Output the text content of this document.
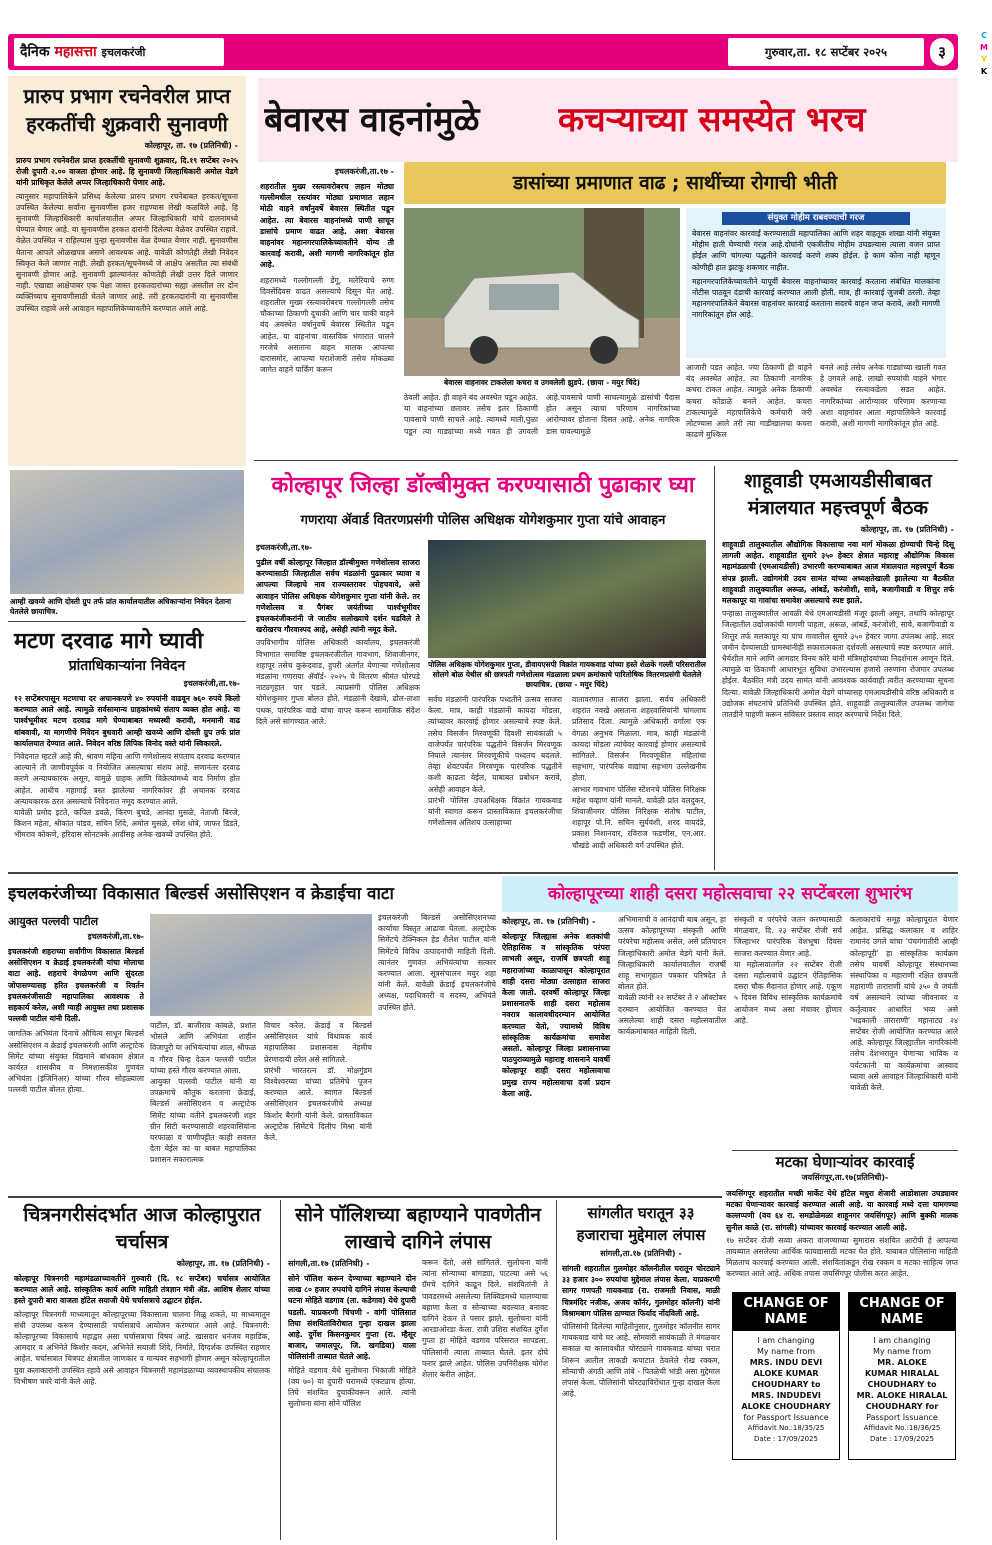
दैनिक महासत्ता इचलकरंजी	गुरुवार,ता. १८ सप्टेंबर २०२५	३
C
M
Y
K
प्रारुप प्रभाग रचनेवरील प्राप्त हरकतींची शुक्रवारी सुनावणी
कोल्हापूर, ता. १७ (प्रतिनिधी) -
प्रारुप प्रभाग रचनेवरील प्राप्त हरकतींची सुनावणी शुक्रवार, दि.१९ सप्टेंबर २०२५ रोजी दुपारी २.०० वाजता होणार आहे. हि सुनावणी जिल्हाधिकारी अमोल येडगे यांनी प्राधिकृत केलेले अप्पर जिल्हाधिकारी घेणार आहे.
त्यानुसार महापालिकेने प्रसिध्द केलेल्या प्रारुप प्रभाग रचनेबाबत हरकत/सूचना उपस्थित केलेल्या सर्वांना सुनावणीस हजर राहण्यास लेखी कळविले आहे. हि सुनावणी जिल्हाधिकारी कार्यालयातील अप्पर जिल्हाधिकारी यांचे दालनामध्ये घेण्यात येणार आहे. या सुनावणीस हरकत दारांनी दिलेल्या वेळेवर उपस्थित राहावे. वेळेत उपस्थित न राहिल्यास पुन्हा सुनावणीस वेळ देण्यात येणार नाही. सुनावणीस येताना आपले ओळखपत्र असणे आवश्यक आहे. यावेळी कोणतेही लेखी निवेदन स्विकृत केले जाणार नाही. लेखी हरकत/सूचनेमध्ये जे आक्षेप असतील त्या संबंधी सुनावणी होणार आहे. सुनावणी झाल्यानंतर कोणतेही लेखी उत्तर दिले जाणार नाही. एखाद्या आक्षेपाबर एक पेक्षा जास्त हरकतदारांच्या सह्या असतील तर दोन व्यक्तिंच्याच सुनावणीसाठी घेतले जाणार आहे. तरी हरकतदारांनी या सुनावणीस उपस्थित राहावे असे आवाहन महापालिकेच्यावतीने करण्यात आले आहे.
आम्ही खवय्ये आणि दोस्ती ग्रुप तर्फ प्रांत कार्यालयातील अधिकाऱ्यांना निवेदन देताना घेतलेले छायाचित्र.
मटण दरवाढ मागे घ्यावी
प्रांताधिकाऱ्यांना निवेदन
इचलकरंजी,ता.१७-
१२ सप्टेंबरपासून मटणाचा दर अचानकपणे ४० रुपयांनी वाढवून ७६० रुपये किलो करण्यात आले आहे. त्यामुळे सर्वसामान्य ग्राहकांमध्ये संताप व्यक्त होत आहे. या पार्श्वभूमीवर मटण दरवाढ मागे घेण्याबाबत मध्यस्थी करावी, मनमानी वाढ थांबवावी, या मागणीचे निवेदन बुधवारी आम्ही खवय्ये आणि दोस्ती ग्रुप तर्फ प्रांत कार्यालयात देण्यात आले. निवेदन वरिष्ठ लिपिक विनोद वस्ते यांनी स्विकारले.
निवेदनात म्हटले आहे की, श्रावण महिना आणि गणेशोत्सव संपताच दरवाढ करण्यात आल्याने ती जाणीवपूर्वक व नियोजित असल्याचा संशय आहे. सणानंतर दरवाढ करणे अन्यायकारक असून, यामुळे ग्राहक आणि विक्रेत्यांमध्ये वाद निर्माण होत आहेत. आधीच महागाई त्रस्त झालेल्या नागरिकांवर ही अचानक दरवाढ अन्यायकारक ठरत असल्याचे निवेदनात नमूद करण्यात आले.
यावेळी प्रमोद इटते, कपिल डवळे, किरण बुचडे, आनंदा मुसळे, नेताजी बिरजे, किशन महेता, श्रीकांत पांडव, सचिन शिंदे, अमोल मुसळे, रमेश धोत्रे, जाफर डिडते, भीमराव कोकणे, हरिदास सोनटक्के आदींसह अनेक खवय्ये उपस्थित होते.
बेवारस वाहनांमुळे	कचऱ्याच्या समस्येत भरच
डासांच्या प्रमाणात वाढ ; साथींच्या रोगाची भीती
इचलकरंजी,ता.१७ -
शहरातील मुख्य रस्त्यावरोबरच लहान मोठ्या गल्लीमधील रस्त्यांवर मोठ्या प्रमाणात लहान मोठी वाहने वर्षांनुवर्षे बेवारस स्थितीत पडून आहेत. त्या बेवारस वाहनांमध्ये पाणी साचून डासांचे प्रमाण वाढत आहे. अशा बेवारस वाहनांवर महानगरपालिकेच्यावतीने योग्य ती कारवाई करावी, अशी मागणी नागरिकांतून होत आहे.
शहरामध्ये गल्लोगल्ली डेंगू, मलेरियाचे रुग्ण दिवसेंदिवस वाढत असल्याचे दिसून येत आहे. शहरातील मुख्य रस्त्यावरोबरच गल्लोगल्ली तसेच चौकाच्या ठिकाणी दुचाकी आणि चार चाकी वाहने बंद अवस्थेत वर्षानुवर्षे बेवारस स्थितीत पडून आहेत. या वाहनांचा वास्तविक भंगारात घालने गरजेचे असताना वाहन मालक आपल्या दारासमोर, आपल्या घराशेजारी तसेच मोकळ्या जागेत वाहने पार्किंग करून
बेवारस वाहनावर टाकलेला कचरा व उगवलेली झुडपे. (छाया - मयुर चिंदे)
ठेवली आहेत. ही वाहने बंद अवस्थेत पडून आहेत. या वाहनांच्या छतावर तसेच इतर ठिकाणी पावसाचे पाणी साचले आहे. त्यामध्ये माती,घुळा पडून त्या गाड्यांच्या मध्ये गवत ही उगवली आहे.पावसाचे पाणी साचल्यामुळे डासांची पैदास होत असून त्याचा परिणाम नागरिकांच्या आरोग्यावर होताना दिसत आहे. अनेक नागरिक डास चावल्यामुळे
संयुक्त मोहीम राबवण्याची गरज
बेवारस वाहनांवर कारवाई करण्यासाठी महापालिका आणि शहर वाहतूक शाखा यांनी संयुक्त मोहीम हाती घेण्याची गरज आहे.दोघांनी एकत्रीतीच मोहीम उघडल्यास त्याला वजन प्राप्त होईल आणि चांगल्या पद्धतीने कारवाई करणे शक्य होईल. हे काम कोना नाही म्हणून कोणीही हात झटकू शकणार नाहीत.
महानगरपालिकेच्यावतीने यापूर्वी बेवारस वाहनांच्यावर कारवाई करताना संबंधित मालकांना नोटीस पाठवून दंडाची कारवाई करण्यात आली होती. मात्र, ही कारवाई जुजबी ठरली. तेव्हा महानगरपालिकेने बेवारस वाहनांवर कारवाई करताना सदरचे वाहन जप्त करावे, अशी मागणी नागरिकांतून होत आहे.
आजारी पडत आहेत. ज्या ठिकाणी ही वाहने बंद अवस्थेत आहेत. त्या ठिकाणी नागरिक कचरा टाकत आहेत. त्यामुळे अनेक ठिकाणी कचरा कोंडाळे बनले आहेत. कचरा टाकल्यामुळे महापालिकेचे कर्मचारी जरी लोटण्यास आले तरी त्या गाडीखालचा कचरा काढणे मुश्किल
बनले आहे तसेच अनेक गाड्यांच्या खाली गवत हे उगवले आहे. लाखो रुपयांची वाहने भंगार अवस्थेत रस्त्याकडेला सडत आहेत. नागरिकांच्या आरोग्यावर परिणाम करणाऱ्या अशा वाहनांवर आता महापालिकेने कारवाई करावी, अशी मागणी नागरिकांतून होत आहे.
कोल्हापूर जिल्हा डॉल्बीमुक्त करण्यासाठी पुढाकार घ्या
गणराया ॲवार्ड वितरणप्रसंगी पोलिस अधिक्षक योगेशकुमार गुप्ता यांचे आवाहन
इचलकरंजी,ता.१७-
पुढील वर्षी कोल्हापूर जिल्हात डॉल्बीमुक्त गणेशोत्सव साजरा करण्यासाठी जिल्हातील सर्वच मंडळांनी पुढाकार घ्यावा व आपल्या जिल्हाचे नाव राज्यस्तरावर पोहचवावे, असे आवाहन पोलिस अधिक्षक योगेशकुमार गुप्ता यांनी केले. तर गणेशोत्सव व पैगंबर जयंतीच्या पार्श्वभूमीवर इचलकरंजीकरांनी जे जातीय सलोख्याचे दर्शन घडविले ते खरोखरच गौरवास्पद आहे, असेही त्यांनी नमूद केले.
उपविभागीय पोलिस अधिकारी कार्यालय, इचलकरंजी विभागात समाविष्ट इचलकरंजीतील गावभाग, शिवाजीनगर, शहापूर तसेच कुरूंदवाड, हुपरी अंतर्गत येणाऱ्या गणेशोत्सव मंडळांना गणराया ॲवॉर्ड- २०२५ चे वितरण श्रीमंत घोरपडे नाट्यगृहात पार पडले. त्याप्रसंगी पोलिस अधिक्षक योगेशकुमार गुप्ता बोलत होते. मंडळांनी देखावे, ढोल-ताशा पथक, पारंपरिक वाद्ये यांचा वापर करून सामाजिक संदेश दिले असे सांगण्यात आले.
पोलिस अधिक्षक योगेशकुमार गुप्ता, डीवायएसपी विक्रांत गायकवाड यांच्या हस्ते शेळके गल्ली परिसरातील सोलगे बोळ येथील श्री छत्रपती गणेशोत्सव मंडळाला प्रथम क्रमांकाचे पारितोषिक वितरणप्रसंगी घेतलेले छायाचित्र. (छाया - मयुर चिंदे)
सर्वच मंडळांनी पारंपरिक पध्दतीने उत्सव साजरा केला. मात्र, काही मंडळांनी कायदा मोडला, त्यांच्यावर कारवाई होणार असल्याचे स्पष्ट केले. तसेच विसर्जन मिरवणूकी दिवशी सायंकाळी ५ वाजेपर्यंत पारंपरिक पद्धतीने विसर्जन मिरवणूक निघाले त्यानंतर मिरवणूकीचे पध्दतच बदलले. तेव्हा शेवटपर्यंत मिरवणूक पारंपरिक पद्धतीने कशी काढता येईल, याबाबत प्रबोधन करावे, असेही आवाहन केले.
प्रारंभी पोलिस उपअधिक्षक विक्रांत गायकवाड यांनी स्वागत करून प्रास्ताविकात इचलकरंजीचा गणेशोत्सव अतिशय उत्साहाच्या
वातावरणात साजरा झाला. सर्वच अधिकारी शहरात नवखे असताना शहरवासियांनी चांगलाच प्रतिसाद दिला. त्यामुळे अधिकारी वर्गाला एक वेगळा अनुभव मिळाला. मात्र, काही मंडळांनी कायदा मोडला त्यांचेवर कारवाई होणार असल्याचे सांगितले. विसर्जन मिरवणूकीत महिलांचा सहभाग, पारंपरिक वाद्यांचा सहभाग उल्लेखनीय होता.
आभार गावभाग पोलिस स्टेशनचे पोलिस निरिक्षक महेश चव्हाण यांनी मानले. यावेळी प्रांत वलदुकर, शिवाजीनगर पोलिस निरिक्षक संतोष पाटील, शहापूर पो.नि. सचिन सुर्यवंशी, शरद वायदंडे, प्रकाश निशानदार, रविराज फडणीस, एन.आर. चौखंडे आदी अधिकारी वर्ग उपस्थित होते.
शाहूवाडी एमआयडीसीबाबत मंत्रालयात महत्त्वपूर्ण बैठक
कोल्हापूर, ता. १७ (प्रतिनिधी) -
शाहूवाडी तालुक्यातील औद्योगिक विकासाचा नवा मार्ग मोकळा होण्याची चिन्हे दिसू लागली आहेत. शाहूवाडीत सुमारे ३५० हेक्टर क्षेत्रात महाराष्ट्र औद्योगिक विकास महामंडळाची (एमआयडीसी) उभारणी करण्याबाबत आज मंत्रालयात महत्त्वपूर्ण बैठक संपन्न झाली. उद्योगमंत्री उदय सामंत यांच्या अध्यक्षतेखाली झालेल्या या बैठकीत शाहूवाडी तालुक्यातील अरूळ, आंबर्डे, करंजोशी, सावे, बजागीवाडी व शित्तुर तर्फ मलकापूर या गावांचा समावेश असल्याचे स्पष्ट झाले.
पन्हाळा तालुक्यातील आवळी येथे एमआयडीसी मंजूर झाली असून, तथापि कोल्हापूर जिल्हातील उद्योजकांची मागणी पाहता, अरूळ, आंबर्डे, करंजोशी, सावे, बजागीवाडी व शित्तुर तर्फ मलकापूर या पाच गावातील सुमारे ३५० हेक्टर जागा उपलब्ध आहे. सदर जमीन देण्यासाठी ग्रामस्थांनीही सकारात्मकता दर्शवली असल्याचे स्पष्ट करण्यात आले. धैर्यशील माने आणि आमदार विनय कोरे यांनी मंत्रिमहोदयांच्या निदर्शनास आणून दिले. त्यामुळे या ठिकाणी आधारभूत सुविधा उभारल्यास हजारो तरुणांना रोजगार उपलब्ध होईल. बैठकीत मंत्री उदय सामंत यांनी आवश्यक कार्यवाही त्वरीत करण्याच्या सूचना दिल्या. यावेळी जिल्हाधिकारी अमोल येडगे यांच्यासह एमआयडीसीचे वरिष्ठ अधिकारी व उद्योजक संघटनांचे प्रतिनिधी उपस्थित होते. शाहूवाडी तालुक्यातील उपलब्ध जागेचा तातडीने पाहणी करून सविस्तर प्रस्ताव सादर करण्याचे निर्देश दिले.
इचलकरंजीच्या विकासात बिल्डर्स असोसिएशन व क्रेडाईचा वाटा
आयुक्त पल्लवी पाटील
इचलकरंजी,ता.१७-
इचलकरंजी शहराच्या सर्वांगीण विकासात बिल्डर्स असोसिएशन व क्रेडाई इचलकरंजी यांचा मोलाचा वाटा आहे. शहराचे वेगळेपण आणि सुंदरता जोपासण्यासह हरित इचलकरंजी व रिवर्तन इचलकरंजीसाठी महापालिका आवश्यक ते सहकार्य करेल, अशी ग्वाही आयुक्त तथा प्रशासक पल्लवी पाटील यांनी दिली.
जागतिक अभियंता दिनाचे औचित्य साधून बिल्डर्स असोसिएशन व क्रेडाई इचलकरंजी आणि अल्ट्राटेक सिमेंट यांच्या संयुक्त विद्यमाने बांधकाम क्षेत्रात कार्यरत शासकीय व निमशासकीय गुणवंत अभियंता (इंजिनिअर) यांच्या गौरव सोहळ्याला पल्लवी पाटील बोलत होत्या.
पाटील, डॉ. बाजीराव कांबळे, प्रशांत भोसले आणि अभियंता शाहीन विजापुरी या अभियंत्यांचा शाल, श्रीफळ व गौरव चिन्ह देऊन पल्लवी पाटील यांच्या हस्ते गौरव करण्यात आला.
आयुक्त पल्लवी पाटील यांनी या उपक्रमाचे कौतुक करताना क्रेडाई, बिल्डर्स असोसिएशन व अल्ट्राटेक सिमेंट यांच्या वतीने इचलकरंजी शहर ग्रीन सिटी करण्यासाठी शहरवासियांना घरफाळा व पाणीपट्टीत काही सवलत देता येईल का या बाबत महापालिका प्रशासन सकारात्मक
विचार करेल. क्रेडाई व बिल्डर्स असोसिएशन यांचे विधायक कार्य महापालिका प्रशासनास नेहमीच प्रेरणादायी ठरेल असे सांगितले.
प्रारंभी भारतरत्न डॉ. मोक्षगुंडम विश्वेश्वरय्या यांच्या प्रतिमेचे पूजन करण्यात आले. स्वागत बिल्डर्स असोसिएशन इचलकरंजीचे अध्यक्ष किशोर बैरागी यांनी केले. प्रास्ताविकात अल्ट्राटेक सिमेंटचे दिलीप मिश्रा यांनी केले.
इचलकरंजी बिल्डर्स असोसिएशनच्या कार्याचा विस्तृत आढावा घेतला. अल्ट्राटेक सिमेंटचे टेक्निकल हेड शैलेश पाटील यांनी सिमेंटचे विविध उत्पादनांची माहिती दिली. त्यानंतर गुणवंत अभियंत्यांचा सत्कार करण्यात आला. सूत्रसंचालन मयुर शहा यांनी केले. यावेळी क्रेडाई इचलकरंजीचे अध्यक्ष, पदाधिकारी व सदस्य, अभियंते उपस्थित होते.
कोल्हापूरच्या शाही दसरा महोत्सवाचा २२ सप्टेंबरला शुभारंभ
कोल्हापूर, ता. १७ (प्रतिनिधी) -
कोल्हापूर जिल्ह्यास अनेक शतकांची ऐतिहासिक व सांस्कृतिक परंपरा लाभली असून, राजर्षि छत्रपती शाहू महाराजांच्या काळापासून कोल्हापूरात शाही दसरा मोठ्या उत्साहात साजरा केला जातो. दरवर्षी कोल्हापूर जिल्हा प्रशासनातर्फे शाही दसरा महोत्सव नवरात्र कालावधीदरम्यान आयोजित करण्यात येतो, ज्यामध्ये विविध सांस्कृतिक कार्यक्रमांचा समावेश असतो. कोल्हापूर जिल्हा प्रशासनाच्या पाठपुराव्यामुळे महाराष्ट्र शासनाने यावर्षी कोल्हापूर शाही दसरा महोत्सवाचा प्रमुख राज्य महोत्सवाचा दर्जा प्रदान केला आहे.
अभिमानाची व आनंदाची बाब असून, हा उत्सव कोल्हापूरच्या संस्कृती आणि परंपरेचा महोत्सव असेल, असे प्रतिपादन जिल्हाधिकारी अमोल येडगे यांनी केले. जिल्हाधिकारी कार्यालयातील राजर्षी शाहू सभागृहात पत्रकार परिषदेत ते बोलत होते.
यावेळी त्यांनी २२ सप्टेंबर ते २ ऑक्टोबर दरम्यान आयोजित करण्यात येत असलेल्या शाही दसरा महोत्सवातील कार्यक्रमांबाबत माहिती दिली.
संस्कृती व परंपरेचे जतन करण्यासाठी मंगळवार, दि. २३ सप्टेंबर रोजी सर्व जिल्हाभर पारंपरिक वेशभूषा दिवस साजरा करण्यात येणार आहे.
या महोत्सवांतर्गत २२ सप्टेंबर रोजी दसरा महोत्सवाचे उद्घाटन ऐतिहासिक दसरा चौक मैदानात होणार आहे. एकूण ५ दिवस विविध सांस्कृतिक कार्यक्रमांचे आयोजन मध्य असा मंचावर होणार आहे.
कलाकारांचे समूह कोल्हापूरात येणार आहेत. प्रसिद्ध कलाकार व शाहिर रामानंद उगले यांचा 'पंचगंगातीरी आम्ही कोल्हापूरी' हा सांस्कृतिक कार्यक्रम तसेच यावर्षी कोल्हापूर संस्थानच्या संस्थापिका व महाराणी रक्षित छत्रपती महाराणी ताराराणी यांचे ३५० वे जयंती वर्ष असल्याने त्यांच्या जीवनावर व कर्तृत्वावर आधारित भव्य असे 'भद्रकाली ताराराणी' महानाट्य २४ सप्टेंबर रोजी आयोजित करण्यात आले आहे. कोल्हापूर जिल्ह्यातील नागरिकांनी तसेच देशभरातून येणाऱ्या भाविक व पर्यटकांनी या कार्यक्रमांचा आस्वाद घ्यावा असे आवाहन जिल्हाधिकारी यांनी यावेळी केले.
मटका घेणाऱ्यांवर कारवाई
जयसिंगपूर,ता.१७(प्रतिनिधी)-
जयसिंगपूर शहरातील मच्छी मार्केट येथे हॉटेल मधुरा शेजारी आडोशाला उघड्यावर मटका घेणाऱ्यावर कारवाई करण्यात आली आहे. या कारवाई मध्ये दत्ता यामगण्या कल्लप्पणी (वय ६४ रा. समडोळेमळा शाहूनगर जयसिंगपूर) आणि बुक्की मालक सुनील काळे (रा. सांगली) यांच्यावर कारवाई करण्यात आली आहे.
१७ सप्टेंबर रोजी सव्वा अकरा वाजण्याच्या सुमारास संशयित आरोपी हे आपल्या तायब्यात असलेल्या आर्थिक फायद्यासाठी मटका घेत होते. याबाबत पोलिसांना माहिती मिळताच कारवाई करण्यात आली. संशयितांकडून रोख रक्कम व मटका साहित्य जप्त करण्यात आले आहे. अधिक तपास जयसिंगपूर पोलीस करत आहेत.
चित्रनगरीसंदर्भात आज कोल्हापुरात चर्चासत्र
कोल्हापूर, ता. १७ (प्रतिनिधी) -
कोल्हापूर चित्रनगरी महामंडळाच्यावतीने गुरुवारी (दि. १८ सप्टेंबर) चर्चासत्र आयोजित करण्यात आले आहे. सांस्कृतिक कार्य आणि माहिती तंत्रज्ञान मंत्री ॲड. आशिष शेलार यांच्या हस्ते दुपारी बारा वाजता हॉटेल सयाजी येथे चर्चासत्राचे उद्घाटन होईल.
कोल्हापूर चित्रनगरी माध्यमातून कोल्हापूरच्या विकासाला चालना मिळू शकते, या माध्यमातून संधी उपलब्ध करून देण्यासाठी चर्चासत्राचे आयोजन करण्यात आले आहे. चित्रनगरी: कोल्हापूरच्या विकासाचे महाद्वार असा चर्चासत्राचा विषय आहे. खासदार धनंजय महाडिक, आमदार व अभिनेते किशोर कदम, अभिनेते सयाजी शिंदे, निर्माते, दिग्दर्शक उपस्थित राहणार आहेत. चर्चासत्रात चित्रपट क्षेत्रातील जाणकार व मान्यवर सहभागी होणार असून कोल्हापूरातील युवा कलाकारांनी उपस्थित रहावे असे आवाहन चित्रनगरी महामंडळाच्या व्यवस्थापकीय संचालक विभीषण चवरे यांनी केले आहे.
सोने पॉलिशच्या बहाण्याने पावणेतीन लाखाचे दागिने लंपास
सांगली,ता.१७ (प्रतिनिधी) -
सोने पॉलिश करून देण्याच्या बहाण्याने दोन लाख ८० हजार रुपयांचे दागिने लंपास केल्याची घटना मोहिते वडगाव (ता. कडेगाव) येथे दुपारी घडली. याप्रकरणी चिंचणी - वांगी पोलिसात तिघा संशयितांविरोधात गुन्हा दाखल झाला आहे. दुर्गेश किसनकुमार गुप्ता (रा. म्हैसूर बाजार, जमालपूर, जि. खगडिया) याला पोलिसांनी ताब्यात घेतले आहे.
मोहिते वडगाव येथे सुलोचना भिकाजी मोहिते (वय ७०) या दुपारी घरामध्ये एकट्याच होत्या. तिघे संशयित दुचाकीवरून आले. त्यांनी सुलोचना यांना सोने पॉलिश
करून देतो, असे सांगितले. सुलोचना यांनी त्यांना सोन्याच्या बांगड्या, पाटल्या असे ५६ ग्रॅमचे दागिने काढून दिले. संशयितांनी ते पावडरमध्ये असलेल्या लिक्विडमध्ये घालण्याचा बहाणा केला व सोन्याच्या बदल्यात बनावट दागिने देऊन ते पसार झाले. सुलोचना यांनी आरडाओरडा केला. रात्री उशिरा संशयित दुर्गेश गुप्ता हा मोहिते वडगाव परिसरात सापडला. पोलिसांनी त्याला ताब्यात घेतले. इतर दोघे फरार झाले आहेत. पोलिस उपनिरीक्षक योगेश शेलार करीत आहेत.
सांगलीत घरातून ३३ हजाराचा मुद्देमाल लंपास
सांगली,ता.१७ (प्रतिनिधी) -
सांगली शहरातील गुलमोहर कॉलनीतील घरातून चोरट्याने ३३ हजार ३०० रुपयांचा मुद्देमाल लंपास केला. याप्रकरणी सागर गणपती गायकवाड (रा. राजमती निवास, माळी चित्रमंदिर नजीक, अजय कॉर्नर, गुलमोहर कॉलनी) यांनी विश्रामबाग पोलिस ठाण्यात फिर्याद नोंदविली आहे.
पोलिसांनी दिलेल्या माहितीनुसार, गुलमोहर कॉलनीत सागर गायकवाड यांचे घर आहे. सोमवारी सायंकाळी ते मंगळवार सकाळ या कालावधीत चोरट्याने गायकवाड यांच्या घरात शिरून आतील लाकडी कपाटात ठेवलेले रोख रक्कम, सोन्याची अंगठी आणि तांबे - पितळेची भांडी असा मुद्देमाल लंपास केला. पोलिसांनी चोरट्याविरोधात गुन्हा दाखल केला आहे.
CHANGE OF NAME
I am changing
My name from
MRS. INDU DEVI
ALOKE KUMAR
CHOUDHARY to
MRS. INDUDEVI
ALOKE CHOUDHARY
for Passport Issuance
Affidavit No.:18/35/25
Date : 17/09/2025
CHANGE OF NAME
I am changing
My name from
MR. ALOKE
KUMAR HIRALAL
CHOUDHARY to
MR. ALOKE HIRALAL
CHOUDHARY for
Passport Issuance
Affidavit No.:18/36/25
Date : 17/09/2025
